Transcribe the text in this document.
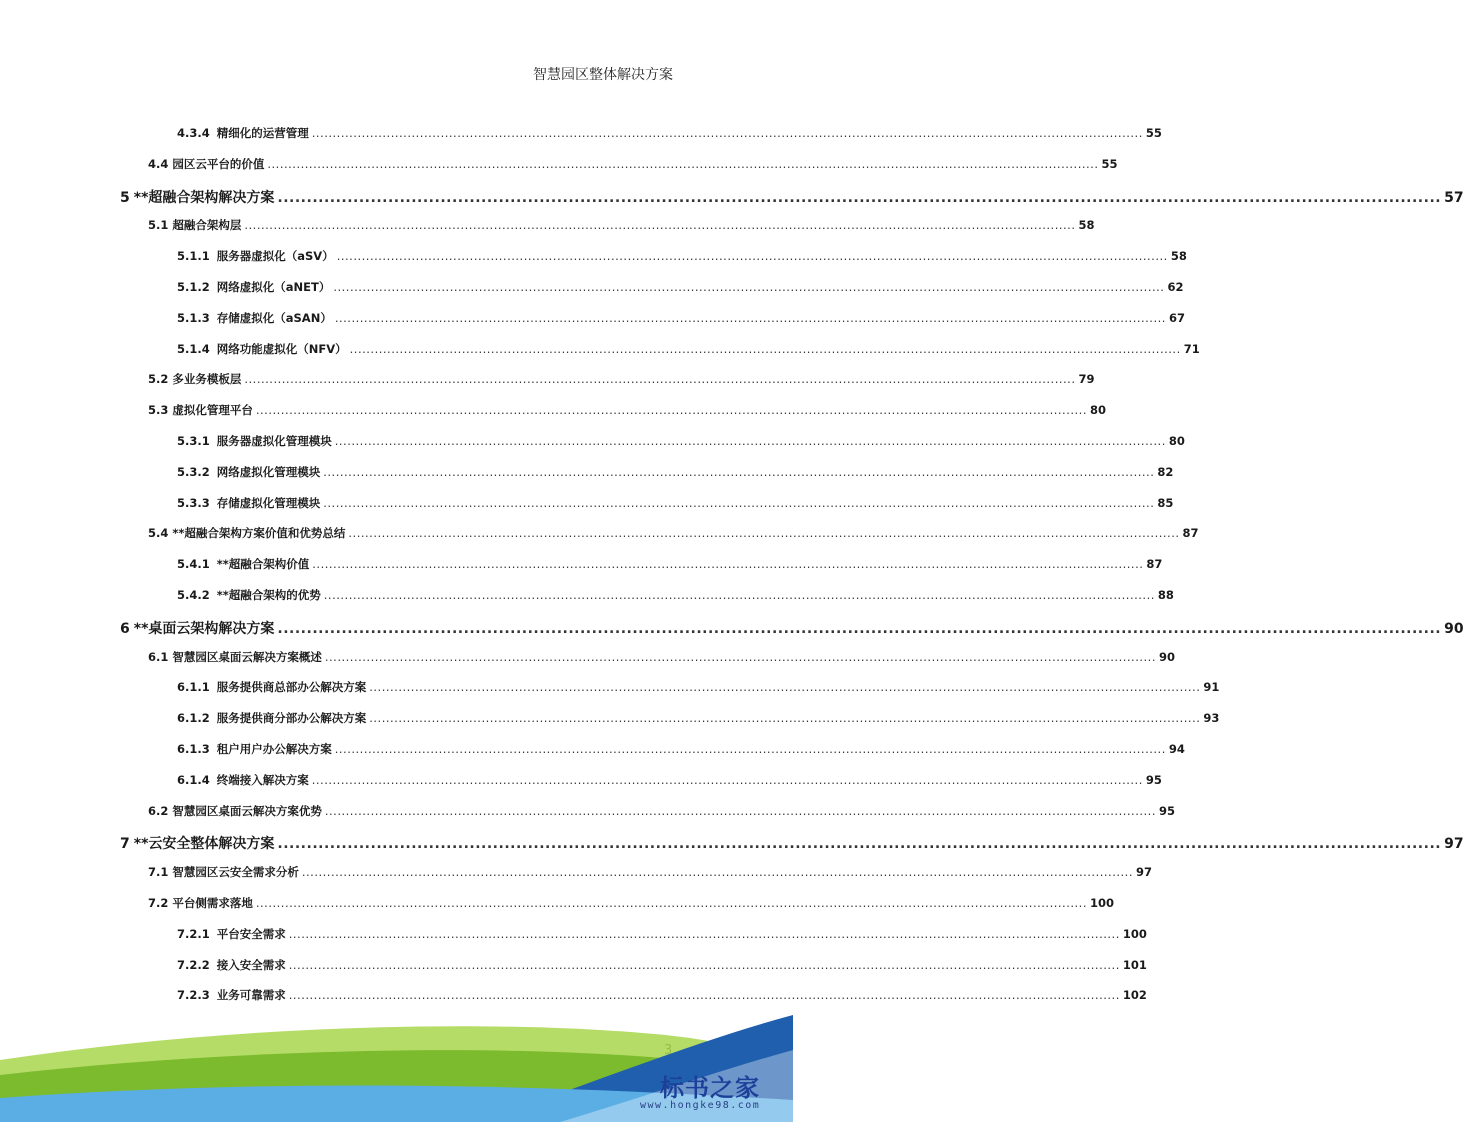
智慧园区整体解决方案
4.3.4 精细化的运营管理 ........................................................................................................................................................................................................ 55
4.4 园区云平台的价值 ........................................................................................................................................................................................................ 55
5 **超融合架构解决方案 ........................................................................................................................................................................................................ 57
5.1 超融合架构层 ........................................................................................................................................................................................................ 58
5.1.1 服务器虚拟化（aSV） ........................................................................................................................................................................................................ 58
5.1.2 网络虚拟化（aNET） ........................................................................................................................................................................................................ 62
5.1.3 存储虚拟化（aSAN） ........................................................................................................................................................................................................ 67
5.1.4 网络功能虚拟化（NFV） ........................................................................................................................................................................................................ 71
5.2 多业务模板层 ........................................................................................................................................................................................................ 79
5.3 虚拟化管理平台 ........................................................................................................................................................................................................ 80
5.3.1 服务器虚拟化管理模块 ........................................................................................................................................................................................................ 80
5.3.2 网络虚拟化管理模块 ........................................................................................................................................................................................................ 82
5.3.3 存储虚拟化管理模块 ........................................................................................................................................................................................................ 85
5.4 **超融合架构方案价值和优势总结 ........................................................................................................................................................................................................ 87
5.4.1 **超融合架构价值 ........................................................................................................................................................................................................ 87
5.4.2 **超融合架构的优势 ........................................................................................................................................................................................................ 88
6 **桌面云架构解决方案 ........................................................................................................................................................................................................ 90
6.1 智慧园区桌面云解决方案概述 ........................................................................................................................................................................................................ 90
6.1.1 服务提供商总部办公解决方案 ........................................................................................................................................................................................................ 91
6.1.2 服务提供商分部办公解决方案 ........................................................................................................................................................................................................ 93
6.1.3 租户用户办公解决方案 ........................................................................................................................................................................................................ 94
6.1.4 终端接入解决方案 ........................................................................................................................................................................................................ 95
6.2 智慧园区桌面云解决方案优势 ........................................................................................................................................................................................................ 95
7 **云安全整体解决方案 ........................................................................................................................................................................................................ 97
7.1 智慧园区云安全需求分析 ........................................................................................................................................................................................................ 97
7.2 平台侧需求落地 ........................................................................................................................................................................................................ 100
7.2.1 平台安全需求 ........................................................................................................................................................................................................ 100
7.2.2 接入安全需求 ........................................................................................................................................................................................................ 101
7.2.3 业务可靠需求 ........................................................................................................................................................................................................ 102
标书之家
www.hongke98.com
